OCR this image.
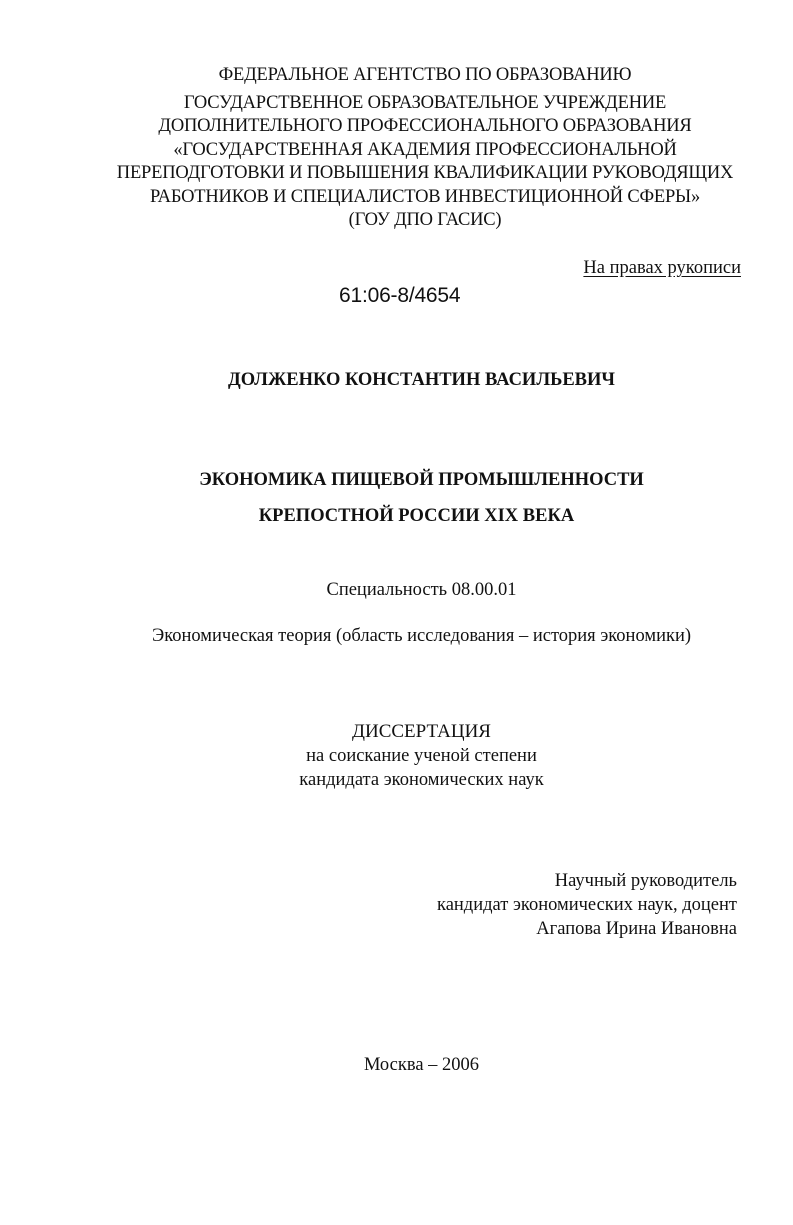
ФЕДЕРАЛЬНОЕ АГЕНТСТВО ПО ОБРАЗОВАНИЮ
ГОСУДАРСТВЕННОЕ ОБРАЗОВАТЕЛЬНОЕ УЧРЕЖДЕНИЕ
ДОПОЛНИТЕЛЬНОГО ПРОФЕССИОНАЛЬНОГО ОБРАЗОВАНИЯ
«ГОСУДАРСТВЕННАЯ АКАДЕМИЯ ПРОФЕССИОНАЛЬНОЙ
ПЕРЕПОДГОТОВКИ И ПОВЫШЕНИЯ КВАЛИФИКАЦИИ РУКОВОДЯЩИХ
РАБОТНИКОВ И СПЕЦИАЛИСТОВ ИНВЕСТИЦИОННОЙ СФЕРЫ»
(ГОУ ДПО ГАСИС)
На правах рукописи
61:06-8/4654
ДОЛЖЕНКО КОНСТАНТИН ВАСИЛЬЕВИЧ
ЭКОНОМИКА ПИЩЕВОЙ ПРОМЫШЛЕННОСТИ
КРЕПОСТНОЙ РОССИИ XIX ВЕКА
Специальность 08.00.01
Экономическая теория (область исследования – история экономики)
ДИССЕРТАЦИЯ
на соискание ученой степени
кандидата экономических наук
Научный руководитель
кандидат экономических наук, доцент
Агапова Ирина Ивановна
Москва – 2006
